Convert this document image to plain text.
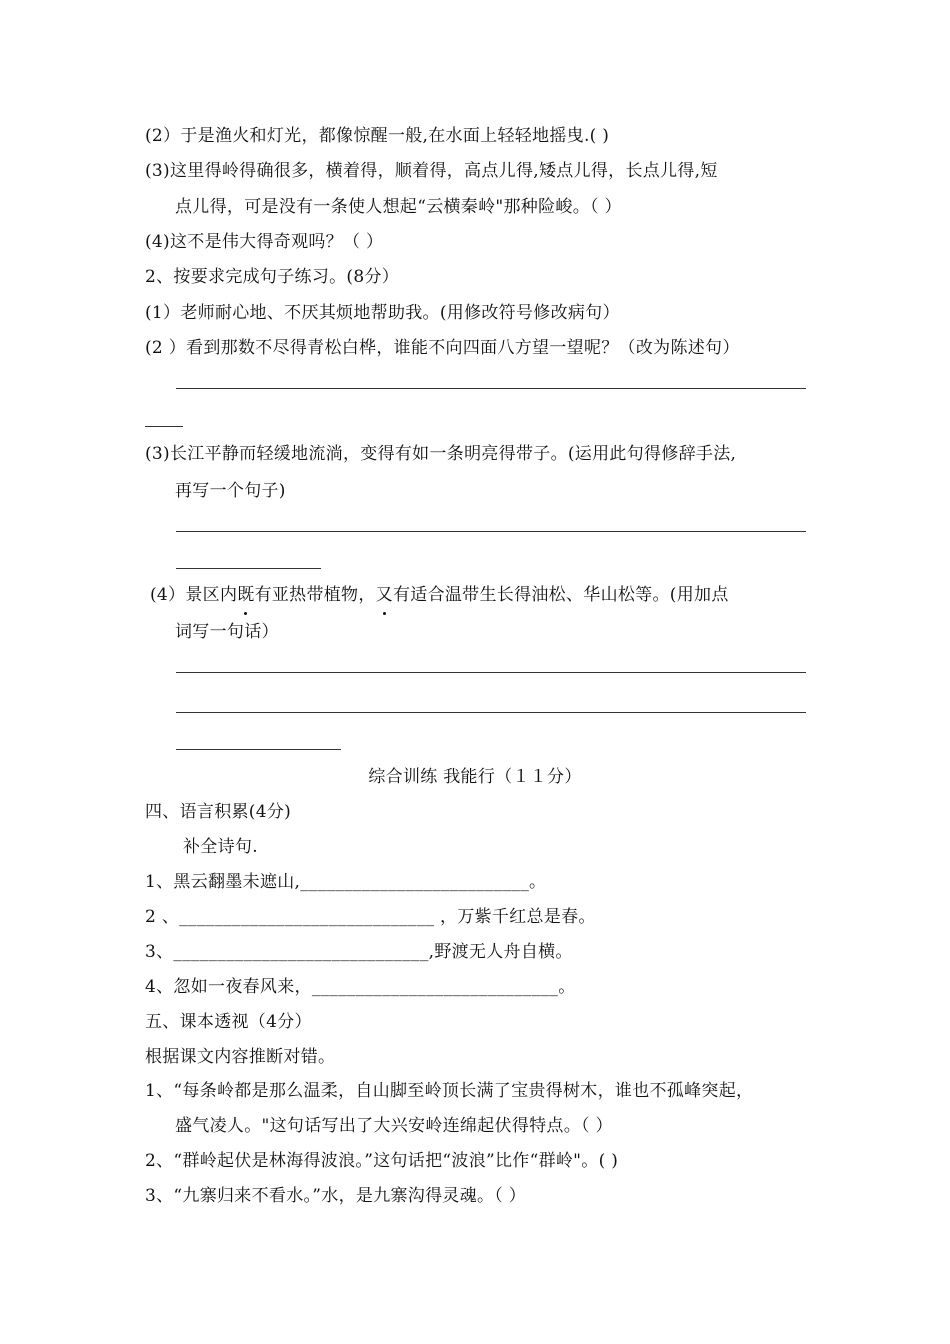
(2）于是渔火和灯光，都像惊醒一般,在水面上轻轻地摇曳.( )
(3)这里得岭得确很多，横着得，顺着得，高点儿得,矮点儿得，长点儿得,短
点儿得，可是没有一条使人想起“云横秦岭"那种险峻。（ ）
(4)这不是伟大得奇观吗？（ ）
2、按要求完成句子练习。(8分）
(1）老师耐心地、不厌其烦地帮助我。(用修改符号修改病句）
(2 ）看到那数不尽得青松白桦，谁能不向四面八方望一望呢？（改为陈述句）
(3)长江平静而轻缓地流淌，变得有如一条明亮得带子。(运用此句得修辞手法,
再写一个句子)
(4）景区内既有亚热带植物，又有适合温带生长得油松、华山松等。(用加点
词写一句话）
综合训练 我能行（１１分）
四、语言积累(4分)
补全诗句.
1、黑云翻墨未遮山,__________________________。
2 、_____________________________ ，万紫千红总是春。
3、_____________________________,野渡无人舟自横。
4、忽如一夜春风来，____________________________。
五、课本透视（4分）
根据课文内容推断对错。
1、“每条岭都是那么温柔，自山脚至岭顶长满了宝贵得树木，谁也不孤峰突起，
盛气凌人。"这句话写出了大兴安岭连绵起伏得特点。（ ）
2、“群岭起伏是林海得波浪。”这句话把“波浪”比作“群岭"。( )
3、“九寨归来不看水。”水，是九寨沟得灵魂。（ ）
